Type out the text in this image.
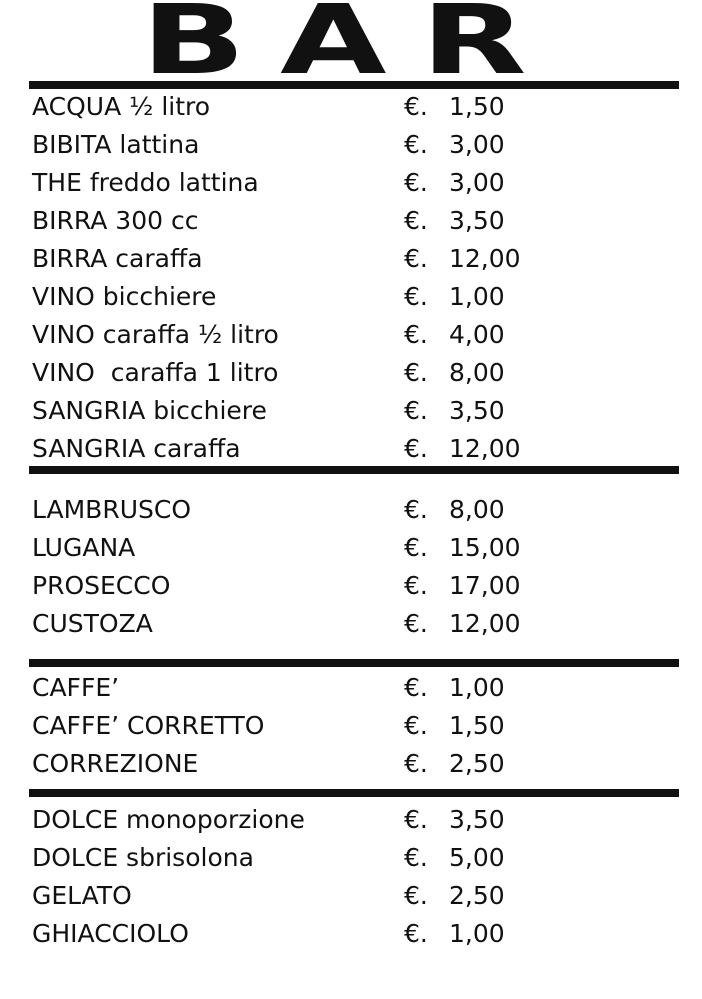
BAR
ACQUA ½ litro	€. 1,50
BIBITA lattina	€. 3,00
THE freddo lattina	€. 3,00
BIRRA 300 cc	€. 3,50
BIRRA caraffa	€. 12,00
VINO bicchiere	€. 1,00
VINO caraffa ½ litro	€. 4,00
VINO  caraffa 1 litro	€. 8,00
SANGRIA bicchiere	€. 3,50
SANGRIA caraffa	€. 12,00
LAMBRUSCO	€. 8,00
LUGANA	€. 15,00
PROSECCO	€. 17,00
CUSTOZA	€. 12,00
CAFFE’	€. 1,00
CAFFE’ CORRETTO	€. 1,50
CORREZIONE	€. 2,50
DOLCE monoporzione	€. 3,50
DOLCE sbrisolona	€. 5,00
GELATO	€. 2,50
GHIACCIOLO	€. 1,00
